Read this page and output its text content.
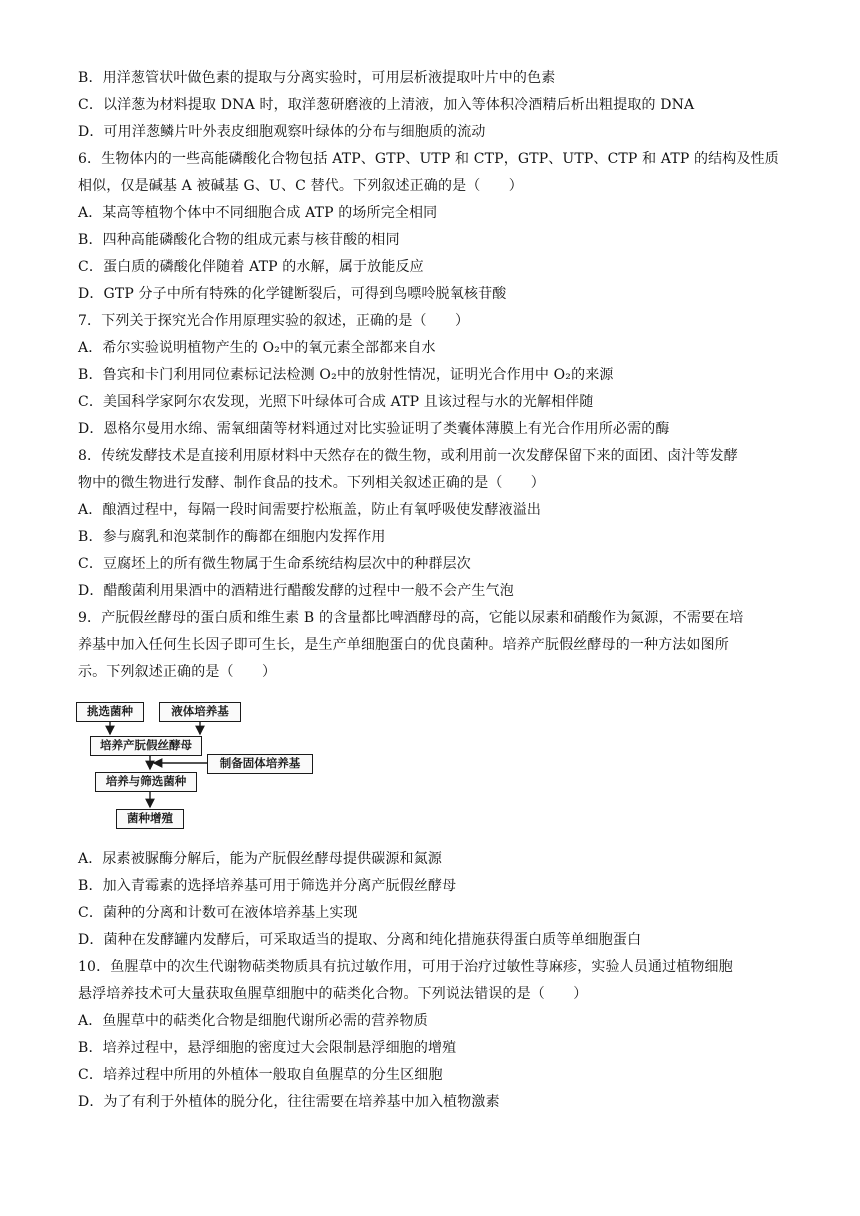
B．用洋葱管状叶做色素的提取与分离实验时，可用层析液提取叶片中的色素
C．以洋葱为材料提取 DNA 时，取洋葱研磨液的上清液，加入等体积冷酒精后析出粗提取的 DNA
D．可用洋葱鳞片叶外表皮细胞观察叶绿体的分布与细胞质的流动
6．生物体内的一些高能磷酸化合物包括 ATP、GTP、UTP 和 CTP，GTP、UTP、CTP 和 ATP 的结构及性质
相似，仅是碱基 A 被碱基 G、U、C 替代。下列叙述正确的是（　　）
A．某高等植物个体中不同细胞合成 ATP 的场所完全相同
B．四种高能磷酸化合物的组成元素与核苷酸的相同
C．蛋白质的磷酸化伴随着 ATP 的水解，属于放能反应
D．GTP 分子中所有特殊的化学键断裂后，可得到鸟嘌呤脱氧核苷酸
7．下列关于探究光合作用原理实验的叙述，正确的是（　　）
A．希尔实验说明植物产生的 O₂中的氧元素全部都来自水
B．鲁宾和卡门利用同位素标记法检测 O₂中的放射性情况，证明光合作用中 O₂的来源
C．美国科学家阿尔农发现，光照下叶绿体可合成 ATP 且该过程与水的光解相伴随
D．恩格尔曼用水绵、需氧细菌等材料通过对比实验证明了类囊体薄膜上有光合作用所必需的酶
8．传统发酵技术是直接利用原材料中天然存在的微生物，或利用前一次发酵保留下来的面团、卤汁等发酵
物中的微生物进行发酵、制作食品的技术。下列相关叙述正确的是（　　）
A．酿酒过程中，每隔一段时间需要拧松瓶盖，防止有氧呼吸使发酵液溢出
B．参与腐乳和泡菜制作的酶都在细胞内发挥作用
C．豆腐坯上的所有微生物属于生命系统结构层次中的种群层次
D．醋酸菌利用果酒中的酒精进行醋酸发酵的过程中一般不会产生气泡
9．产朊假丝酵母的蛋白质和维生素 B 的含量都比啤酒酵母的高，它能以尿素和硝酸作为氮源，不需要在培
养基中加入任何生长因子即可生长，是生产单细胞蛋白的优良菌种。培养产朊假丝酵母的一种方法如图所
示。下列叙述正确的是（　　）
挑选菌种	液体培养基
培养产朊假丝酵母
制备固体培养基
培养与筛选菌种
菌种增殖
A．尿素被脲酶分解后，能为产朊假丝酵母提供碳源和氮源
B．加入青霉素的选择培养基可用于筛选并分离产朊假丝酵母
C．菌种的分离和计数可在液体培养基上实现
D．菌种在发酵罐内发酵后，可采取适当的提取、分离和纯化措施获得蛋白质等单细胞蛋白
10．鱼腥草中的次生代谢物萜类物质具有抗过敏作用，可用于治疗过敏性荨麻疹，实验人员通过植物细胞
悬浮培养技术可大量获取鱼腥草细胞中的萜类化合物。下列说法错误的是（　　）
A．鱼腥草中的萜类化合物是细胞代谢所必需的营养物质
B．培养过程中，悬浮细胞的密度过大会限制悬浮细胞的增殖
C．培养过程中所用的外植体一般取自鱼腥草的分生区细胞
D．为了有利于外植体的脱分化，往往需要在培养基中加入植物激素
